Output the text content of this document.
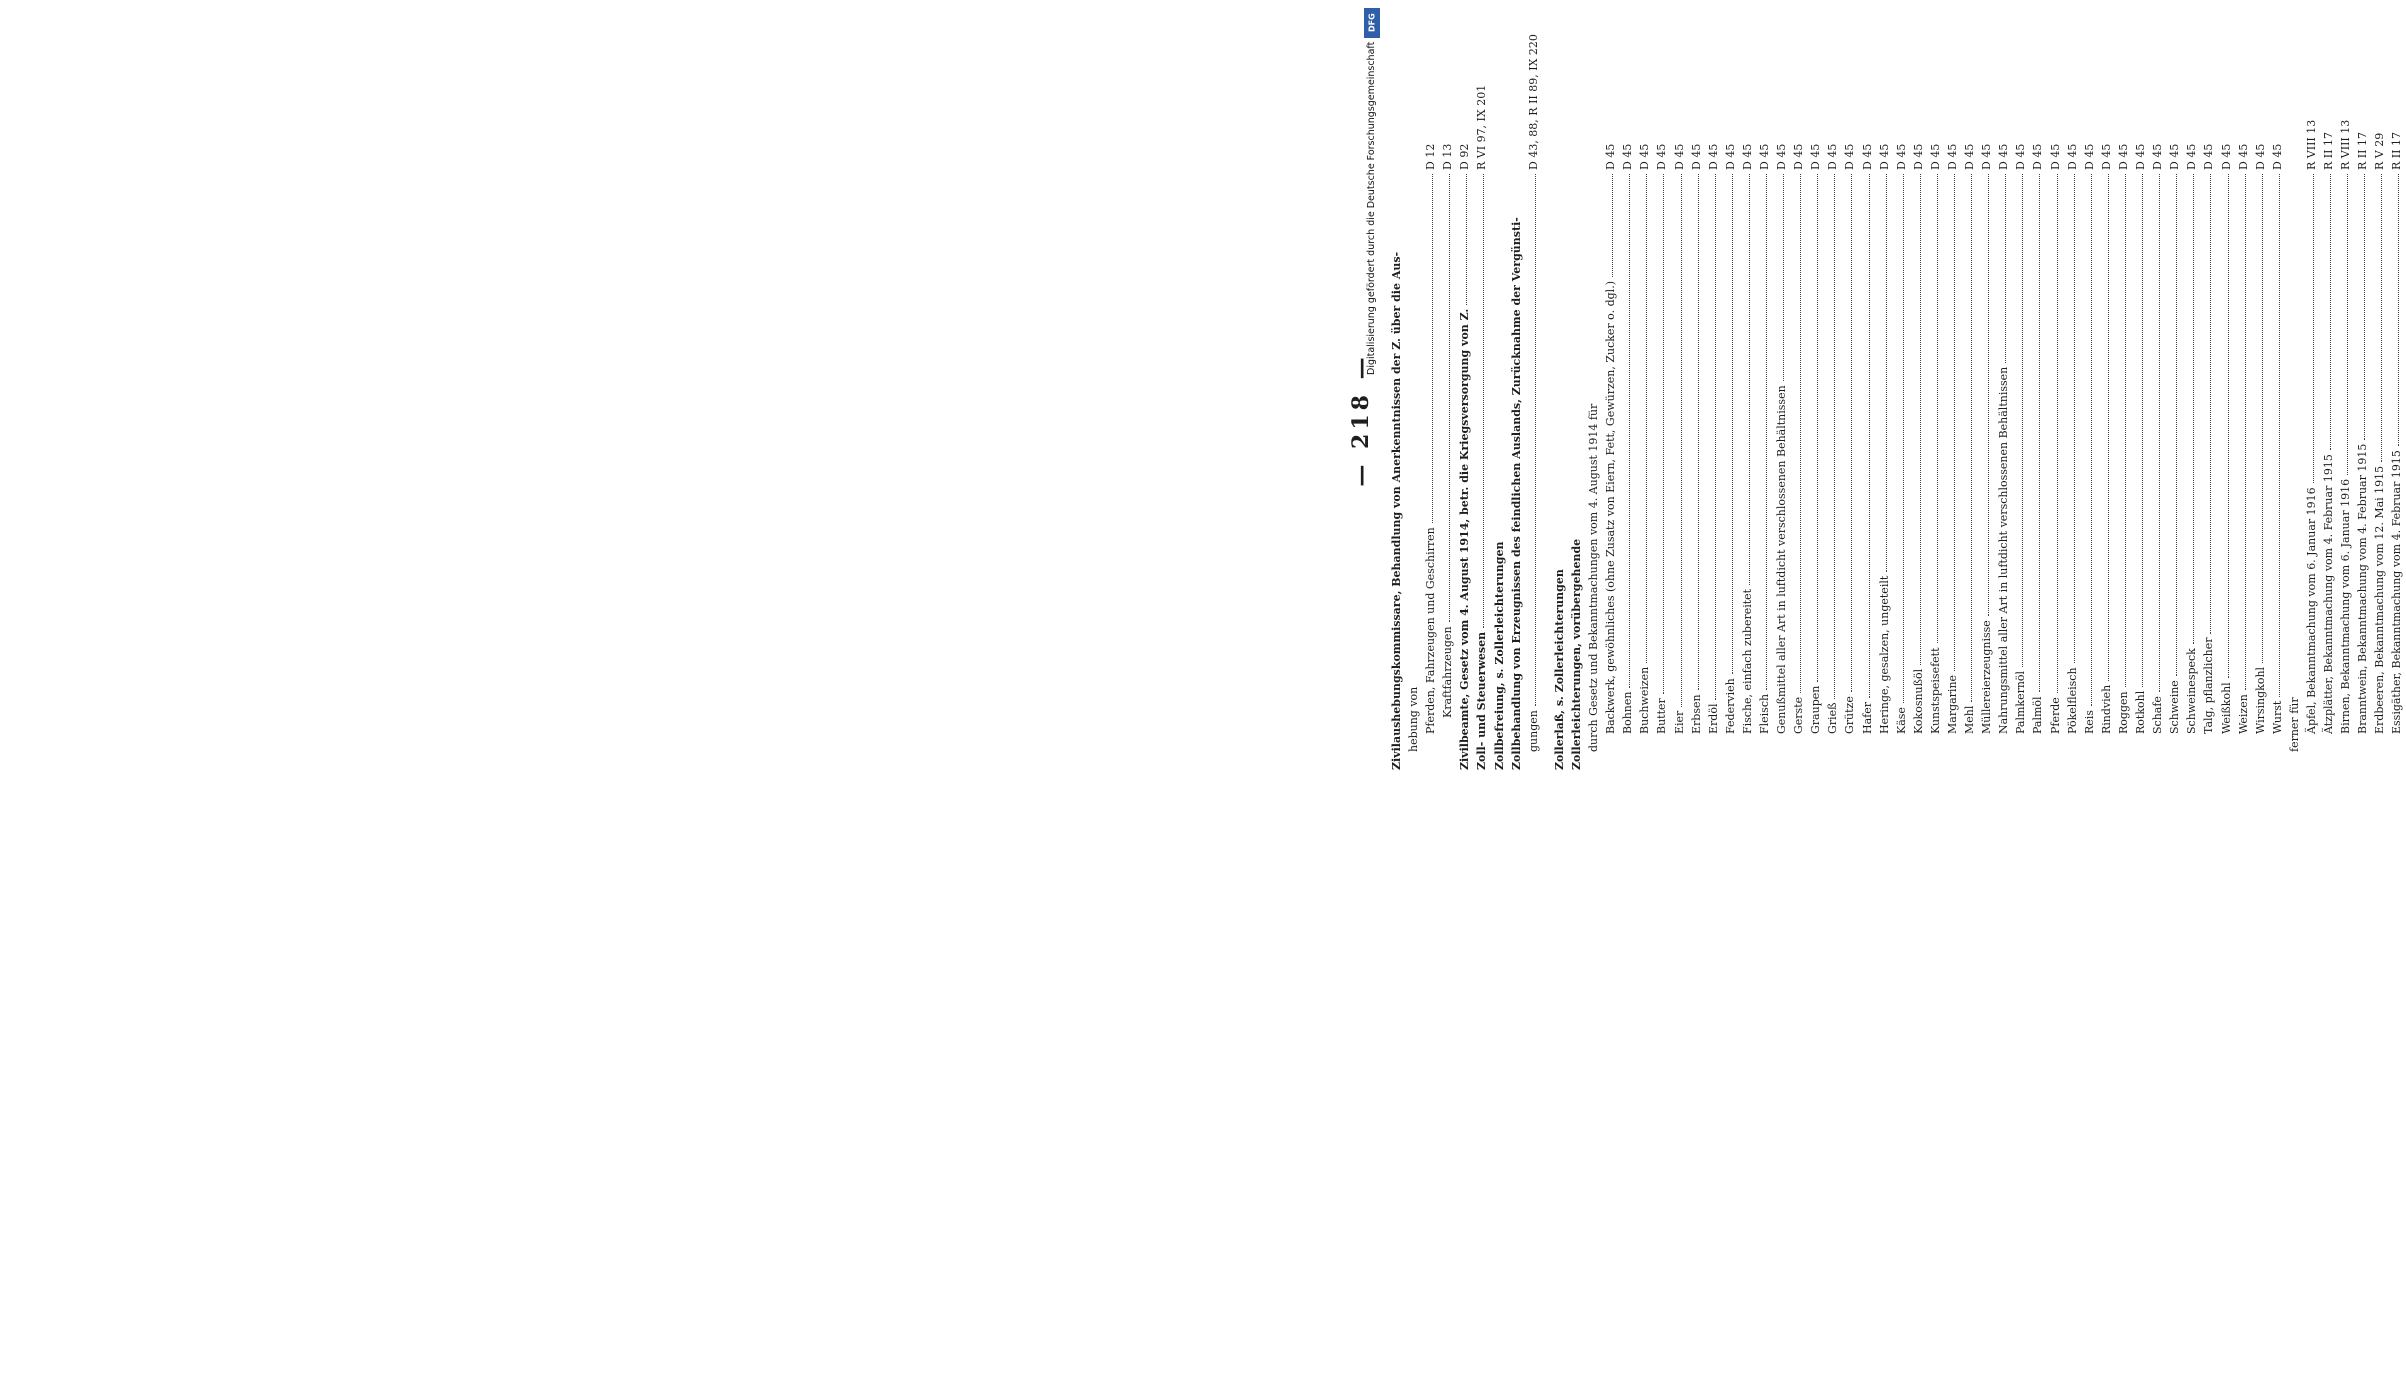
— 218 — Zivilaushebungskommissare, Behandlung von Anerkenntnissen der Z. über die Aus- hebung von Pferden, Fahrzeugen und Geschirren
D 12
Kraftfahrzeugen
D 13
Zivilbeamte, Gesetz vom 4. August 1914, betr. die Kriegsversorgung von Z.
D 92
Zoll- und Steuerwesen
R VI 97, IX 201
Zollbefreiung, s. Zollerleichterungen Zollbehandlung von Erzeugnissen des feindlichen Auslands, Zurücknahme der Vergünsti- gungen
D 43, 88, R II 89, IX 220
Zollerlaß, s. Zollerleichterungen Zollerleichterungen, vorübergehende durch Gesetz und Bekanntmachungen vom 4. August 1914 für Backwerk, gewöhnliches (ohne Zusatz von Eiern, Fett, Gewürzen, Zucker o. dgl.)
D 45
Bohnen
D 45
Buchweizen
D 45
Butter
D 45
Eier
D 45
Erbsen
D 45
Erdöl
D 45
Federvieh
D 45
Fische, einfach zubereitet
D 45
Fleisch
D 45
Genußmittel aller Art in luftdicht verschlossenen Behältnissen
D 45
Gerste
D 45
Graupen
D 45
Grieß
D 45
Grütze
D 45
Hafer
D 45
Heringe, gesalzen, ungeteilt
D 45
Käse
D 45
Kokosnußöl
D 45
Kunstspeisefett
D 45
Margarine
D 45
Mehl
D 45
Müllereierzeugnisse
D 45
Nahrungsmittel aller Art in luftdicht verschlossenen Behältnissen
D 45
Palmkernöl
D 45
Palmöl
D 45
Pferde
D 45
Pökelfleisch
D 45
Reis
D 45
Rindvieh
D 45
Roggen
D 45
Rotkohl
D 45
Schafe
D 45
Schweine
D 45
Schweinespeck
D 45
Talg, pflanzlicher
D 45
Weißkohl
D 45
Weizen
D 45
Wirsingkohl
D 45
Wurst
D 45
ferner für Äpfel, Bekanntmachung vom 6. Januar 1916
R VIII 13
Ätzplätter, Bekanntmachung vom 4. Februar 1915
R II 17
Birnen, Bekanntmachung vom 6. Januar 1916
R VIII 13
Branntwein, Bekanntmachung vom 4. Februar 1915
R II 17
Erdbeeren, Bekanntmachung vom 12. Mai 1915
R V 29
Essigäther, Bekanntmachung vom 4. Februar 1915
R II 17
DFG
Digitalisierung gefördert durch die Deutsche Forschungsgemeinschaft
